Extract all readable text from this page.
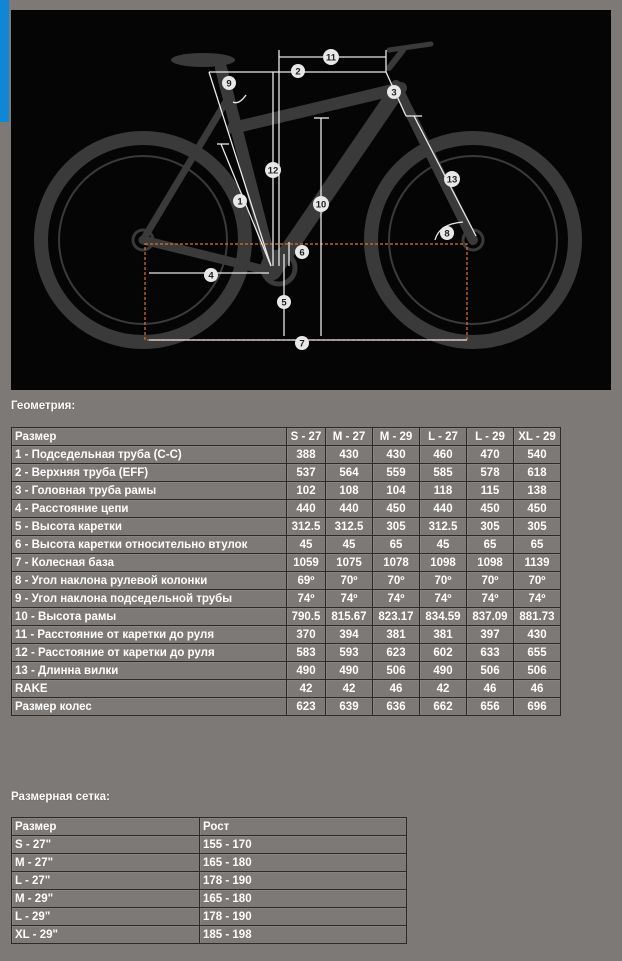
1
2
3
4
5
6
7
8
9
10
11
12
13
Геометрия:
Размер	S - 27	M - 27	M - 29	L - 27	L - 29	XL - 29
1 - Подседельная труба (C-C)	388	430	430	460	470	540
2 - Верхняя труба (EFF)	537	564	559	585	578	618
3 - Головная труба рамы	102	108	104	118	115	138
4 - Расстояние цепи	440	440	450	440	450	450
5 - Высота каретки	312.5	312.5	305	312.5	305	305
6 - Высота каретки относительно втулок	45	45	65	45	65	65
7 - Колесная база	1059	1075	1078	1098	1098	1139
8 - Угол наклона рулевой колонки	69º	70º	70º	70º	70º	70º
9 - Угол наклона подседельной трубы	74º	74º	74º	74º	74º	74º
10 - Высота рамы	790.5	815.67	823.17	834.59	837.09	881.73
11 - Расстояние от каретки до руля	370	394	381	381	397	430
12 - Расстояние от каретки до руля	583	593	623	602	633	655
13 - Длинна вилки	490	490	506	490	506	506
RAKE	42	42	46	42	46	46
Размер колес	623	639	636	662	656	696
Размерная сетка:
Размер	Рост
S - 27"	155 - 170
M - 27"	165 - 180
L - 27"	178 - 190
M - 29"	165 - 180
L - 29"	178 - 190
XL - 29"	185 - 198
